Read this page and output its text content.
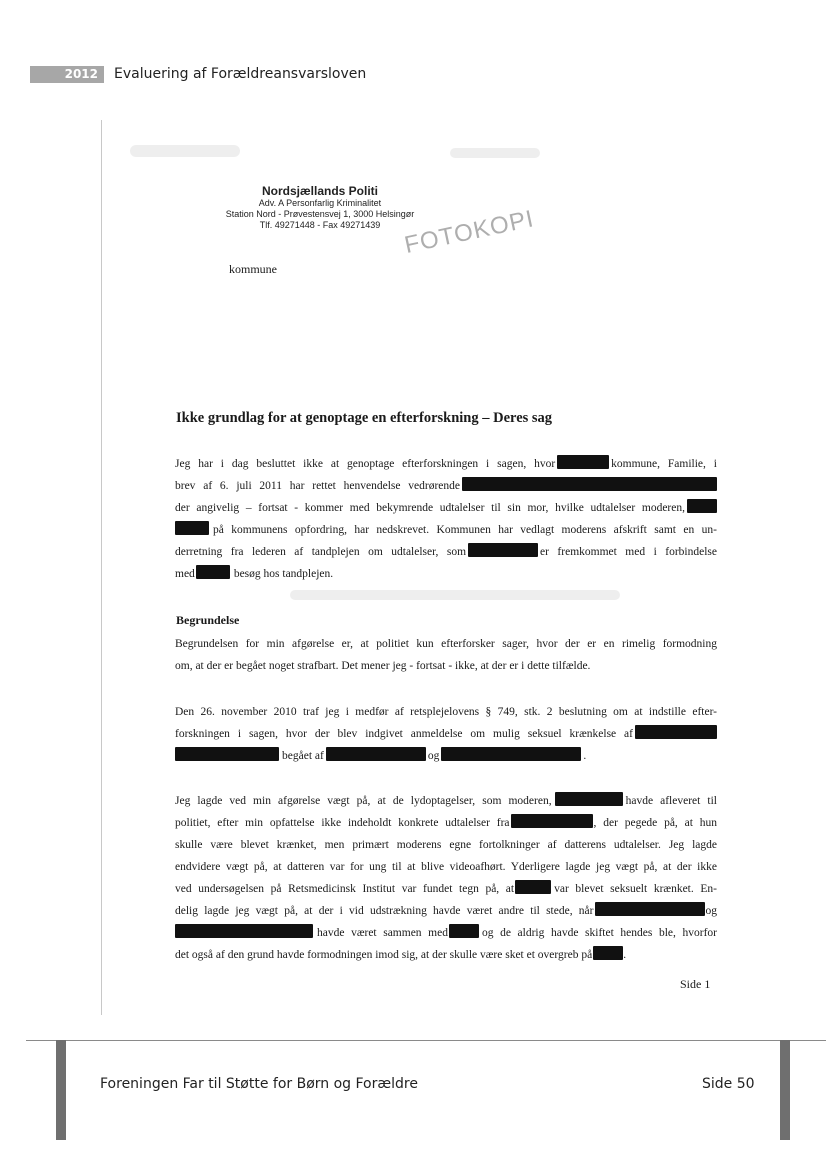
2012	Evaluering af Forældreansvarsloven
Nordsjællands Politi
Adv. A Personfarlig Kriminalitet
Station Nord - Prøvestensvej 1, 3000 Helsingør
Tlf. 49271448 - Fax 49271439 FOTOKOPI
kommune
Ikke grundlag for at genoptage en efterforskning – Deres sag
Jeg har i dag besluttet ikke at genoptage efterforskningen i sagen, hvor	kommune, Familie, i
brev af 6. juli 2011 har rettet henvendelse vedrørende
der angivelig – fortsat - kommer med bekymrende udtalelser til sin mor, hvilke udtalelser moderen,
på kommunens opfordring, har nedskrevet. Kommunen har vedlagt moderens afskrift samt en un-
derretning fra lederen af tandplejen om udtalelser, som	er fremkommet med i forbindelse
med	besøg hos tandplejen.
Begrundelse
Begrundelsen for min afgørelse er, at politiet kun efterforsker sager, hvor der er en rimelig formodning
om, at der er begået noget strafbart. Det mener jeg - fortsat - ikke, at der er i dette tilfælde.
Den 26. november 2010 traf jeg i medfør af retsplejelovens § 749, stk. 2 beslutning om at indstille efter-
forskningen i sagen, hvor der blev indgivet anmeldelse om mulig seksuel krænkelse af
begået af	og	.
Jeg lagde ved min afgørelse vægt på, at de lydoptagelser, som moderen,	havde afleveret til
politiet, efter min opfattelse ikke indeholdt konkrete udtalelser fra	, der pegede på, at hun
skulle være blevet krænket, men primært moderens egne fortolkninger af datterens udtalelser. Jeg lagde
endvidere vægt på, at datteren var for ung til at blive videoafhørt. Yderligere lagde jeg vægt på, at der ikke
ved undersøgelsen på Retsmedicinsk Institut var fundet tegn på, at	var blevet seksuelt krænket. En-
delig lagde jeg vægt på, at der i vid udstrækning havde været andre til stede, når	og
havde været sammen med	og de aldrig havde skiftet hendes ble, hvorfor
det også af den grund havde formodningen imod sig, at der skulle være sket et overgreb på	.
Side 1
Foreningen Far til Støtte for Børn og Forældre	Side 50
